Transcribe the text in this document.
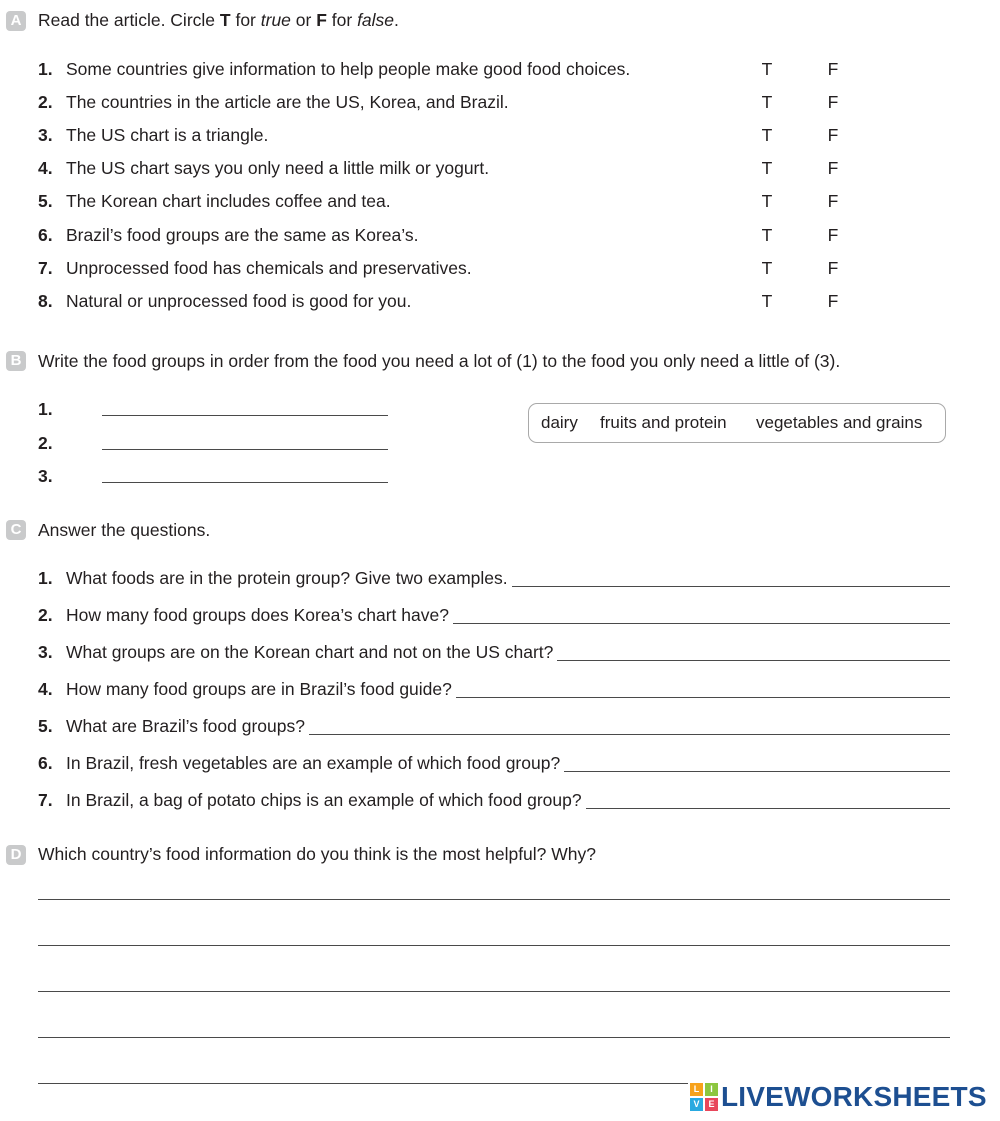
A Read the article. Circle T for true or F for false.
1. Some countries give information to help people make good food choices.	T	F
2. The countries in the article are the US, Korea, and Brazil.	T	F
3. The US chart is a triangle.	T	F
4. The US chart says you only need a little milk or yogurt.	T	F
5. The Korean chart includes coffee and tea.	T	F
6. Brazil’s food groups are the same as Korea’s.	T	F
7. Unprocessed food has chemicals and preservatives.	T	F
8. Natural or unprocessed food is good for you.	T	F
B Write the food groups in order from the food you need a lot of (1) to the food you only need a little of (3).
1.
2.
3.
dairy fruits and protein vegetables and grains
C Answer the questions.
1. What foods are in the protein group? Give two examples.
2. How many food groups does Korea’s chart have?
3. What groups are on the Korean chart and not on the US chart?
4. How many food groups are in Brazil’s food guide?
5. What are Brazil’s food groups?
6. In Brazil, fresh vegetables are an example of which food group?
7. In Brazil, a bag of potato chips is an example of which food group?
D Which country’s food information do you think is the most helpful? Why?
L	I
V E LIVEWORKSHEETS
